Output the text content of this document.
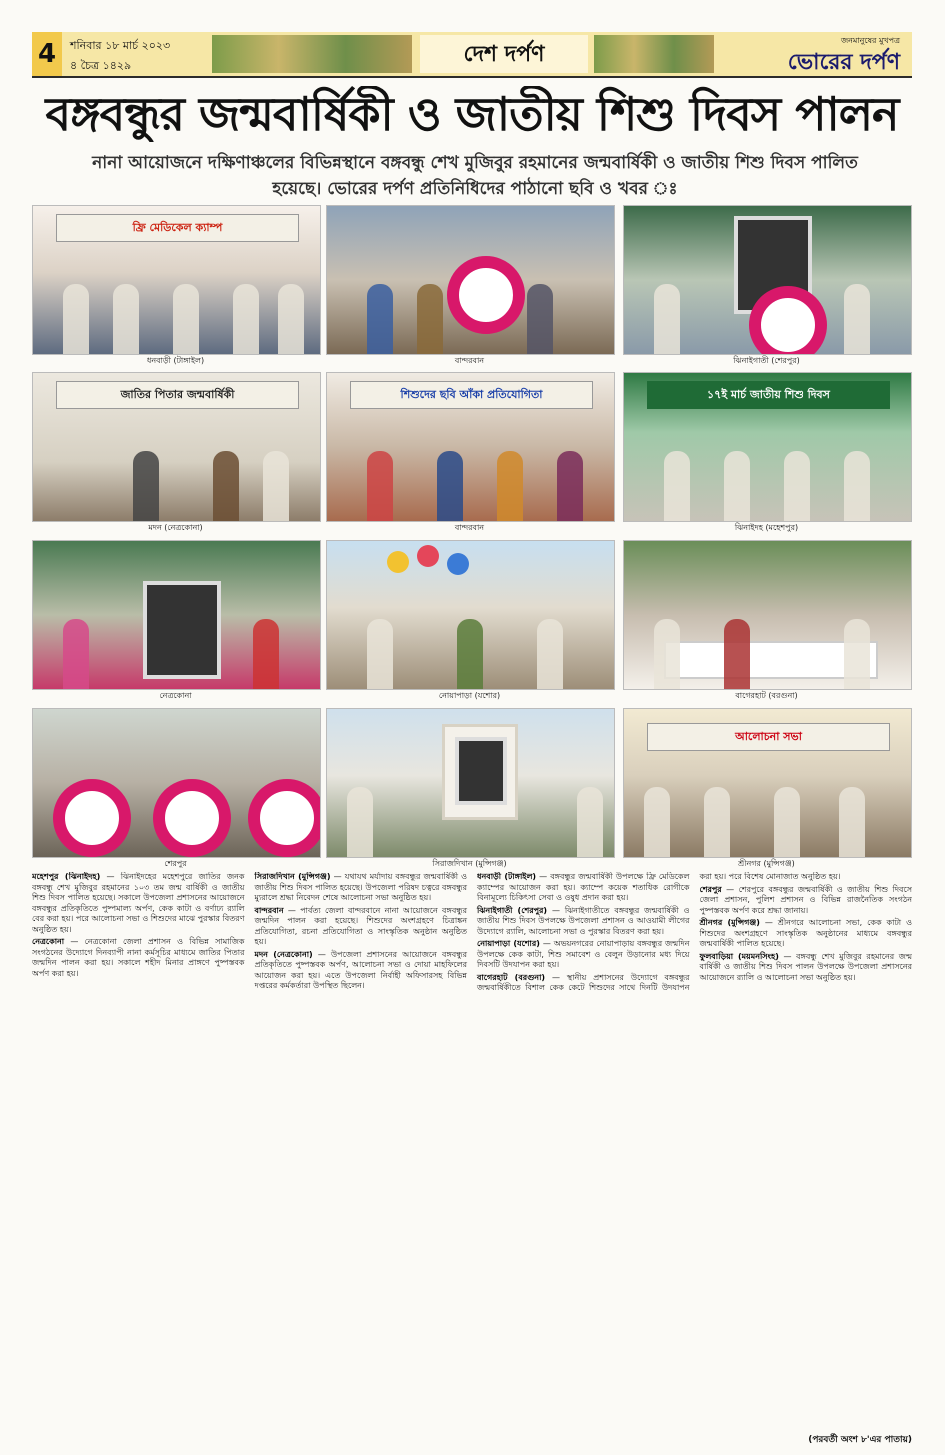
4	শনিবার ১৮ মার্চ ২০২৩
৪ চৈত্র ১৪২৯	দেশ দর্পণ
জনমানুষের মুখপত্র
ভোরের দর্পণ
বঙ্গবন্ধুর জন্মবার্ষিকী ও জাতীয় শিশু দিবস পালন
নানা আয়োজনে দক্ষিণাঞ্চলের বিভিন্নস্থানে বঙ্গবন্ধু শেখ মুজিবুর রহমানের জন্মবার্ষিকী ও জাতীয় শিশু দিবস পালিত হয়েছে। ভোরের দর্পণ প্রতিনিধিদের পাঠানো ছবি ও খবর ঃ
ফ্রি মেডিকেল ক্যাম্প
ধনবাড়ী (টাঙ্গাইল)	বান্দরবান	ঝিনাইগাতী (শেরপুর)
জাতির পিতার জন্মবার্ষিকী
মদন (নেত্রকোনা)
শিশুদের ছবি আঁকা প্রতিযোগিতা
বান্দরবান
১৭ই মার্চ জাতীয় শিশু দিবস
ঝিনাইদহ (মহেশপুর)
নেত্রকোনা	নোয়াপাড়া (যশোর)	বাগেরহাট (বরগুনা)
শেরপুর	সিরাজদিখান (মুন্সিগঞ্জ)
আলোচনা সভা
শ্রীনগর (মুন্সিগঞ্জ)

মহেশপুর (ঝিনাইদহ) — ঝিনাইদহের মহেশপুরে জাতির জনক বঙ্গবন্ধু শেখ মুজিবুর রহমানের ১০৩ তম জন্ম বার্ষিকী ও জাতীয় শিশু দিবস পালিত হয়েছে। সকালে উপজেলা প্রশাসনের আয়োজনে বঙ্গবন্ধুর প্রতিকৃতিতে পুষ্পমাল্য অর্পণ, কেক কাটা ও বর্ণাঢ্য র‍্যালি বের করা হয়। পরে আলোচনা সভা ও শিশুদের মাঝে পুরস্কার বিতরণ অনুষ্ঠিত হয়।

নেত্রকোনা — নেত্রকোনা জেলা প্রশাসন ও বিভিন্ন সামাজিক সংগঠনের উদ্যোগে দিনব্যাপী নানা কর্মসূচির মাধ্যমে জাতির পিতার জন্মদিন পালন করা হয়। সকালে শহীদ মিনার প্রাঙ্গণে পুষ্পস্তবক অর্পণ করা হয়।

সিরাজদিখান (মুন্সিগঞ্জ) — যথাযথ মর্যাদায় বঙ্গবন্ধুর জন্মবার্ষিকী ও জাতীয় শিশু দিবস পালিত হয়েছে। উপজেলা পরিষদ চত্বরে বঙ্গবন্ধুর ম্যুরালে শ্রদ্ধা নিবেদন শেষে আলোচনা সভা অনুষ্ঠিত হয়।

বান্দরবান — পার্বত্য জেলা বান্দরবানে নানা আয়োজনে বঙ্গবন্ধুর জন্মদিন পালন করা হয়েছে। শিশুদের অংশগ্রহণে চিত্রাঙ্কন প্রতিযোগিতা, রচনা প্রতিযোগিতা ও সাংস্কৃতিক অনুষ্ঠান অনুষ্ঠিত হয়।

মদন (নেত্রকোনা) — উপজেলা প্রশাসনের আয়োজনে বঙ্গবন্ধুর প্রতিকৃতিতে পুষ্পস্তবক অর্পণ, আলোচনা সভা ও দোয়া মাহফিলের আয়োজন করা হয়। এতে উপজেলা নির্বাহী অফিসারসহ বিভিন্ন দপ্তরের কর্মকর্তারা উপস্থিত ছিলেন।

ধনবাড়ী (টাঙ্গাইল) — বঙ্গবন্ধুর জন্মবার্ষিকী উপলক্ষে ফ্রি মেডিকেল ক্যাম্পের আয়োজন করা হয়। ক্যাম্পে কয়েক শতাধিক রোগীকে বিনামূল্যে চিকিৎসা সেবা ও ওষুধ প্রদান করা হয়।

ঝিনাইগাতী (শেরপুর) — ঝিনাইগাতীতে বঙ্গবন্ধুর জন্মবার্ষিকী ও জাতীয় শিশু দিবস উপলক্ষে উপজেলা প্রশাসন ও আওয়ামী লীগের উদ্যোগে র‍্যালি, আলোচনা সভা ও পুরস্কার বিতরণ করা হয়।

নোয়াপাড়া (যশোর) — অভয়নগরের নোয়াপাড়ায় বঙ্গবন্ধুর জন্মদিন উপলক্ষে কেক কাটা, শিশু সমাবেশ ও বেলুন উড়ানোর মধ্য দিয়ে দিবসটি উদযাপন করা হয়।

বাগেরহাট (বরগুনা) — স্থানীয় প্রশাসনের উদ্যোগে বঙ্গবন্ধুর জন্মবার্ষিকীতে বিশাল কেক কেটে শিশুদের সাথে দিনটি উদযাপন করা হয়। পরে বিশেষ মোনাজাত অনুষ্ঠিত হয়।

শেরপুর — শেরপুরে বঙ্গবন্ধুর জন্মবার্ষিকী ও জাতীয় শিশু দিবসে জেলা প্রশাসন, পুলিশ প্রশাসন ও বিভিন্ন রাজনৈতিক সংগঠন পুষ্পস্তবক অর্পণ করে শ্রদ্ধা জানায়।

শ্রীনগর (মুন্সিগঞ্জ) — শ্রীনগরে আলোচনা সভা, কেক কাটা ও শিশুদের অংশগ্রহণে সাংস্কৃতিক অনুষ্ঠানের মাধ্যমে বঙ্গবন্ধুর জন্মবার্ষিকী পালিত হয়েছে।

ফুলবাড়িয়া (ময়মনসিংহ) — বঙ্গবন্ধু শেখ মুজিবুর রহমানের জন্ম বার্ষিকী ও জাতীয় শিশু দিবস পালন উপলক্ষে উপজেলা প্রশাসনের আয়োজনে র‍্যালি ও আলোচনা সভা অনুষ্ঠিত হয়।

(পরবর্তী অংশ ৮'এর পাতায়)
